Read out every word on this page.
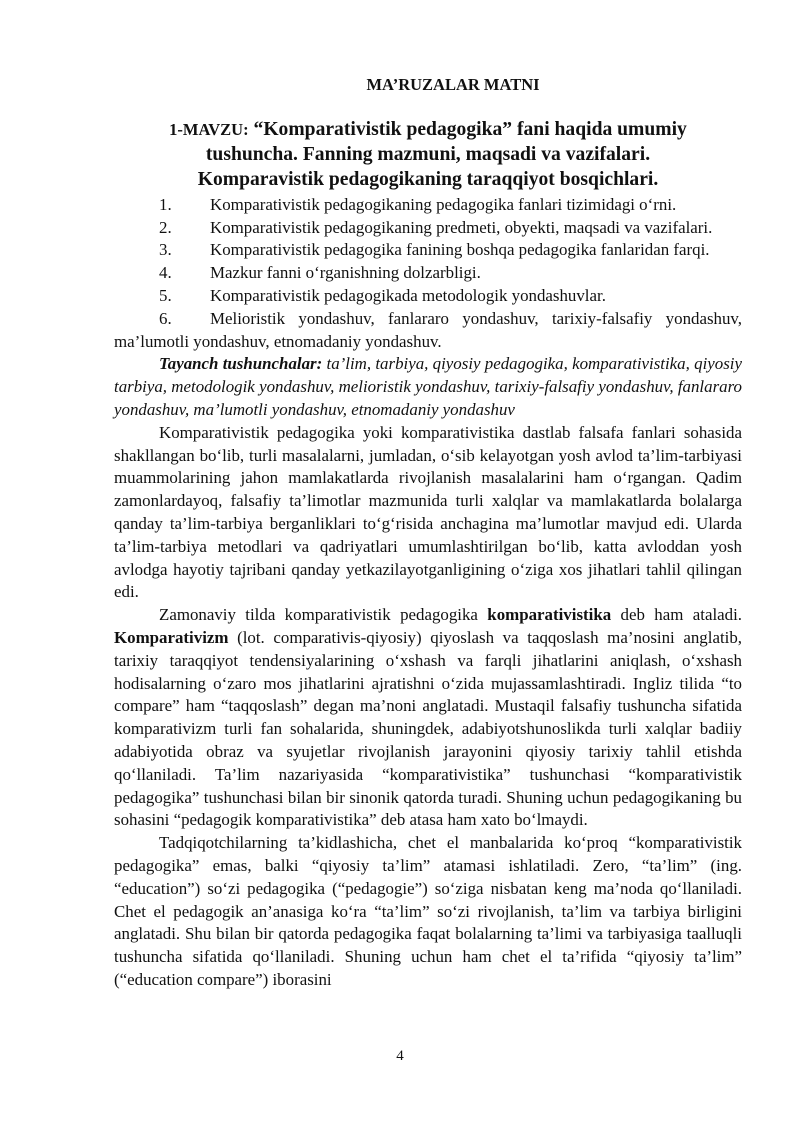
MA’RUZALAR MATNI
1-MAVZU: “Komparativistik pedagogika” fani haqida umumiy
tushuncha. Fanning mazmuni, maqsadi va vazifalari.
Komparavistik pedagogikaning taraqqiyot bosqichlari.
1.	Komparativistik pedagogikaning pedagogika fanlari tizimidagi o‘rni.
2. Komparativistik pedagogikaning predmeti, obyekti, maqsadi va vazifalari.
3. Komparativistik pedagogika fanining boshqa pedagogika fanlaridan farqi.
4.	Mazkur fanni o‘rganishning dolzarbligi.
5.	Komparativistik pedagogikada metodologik yondashuvlar.
6. Melioristik yondashuv, fanlararo yondashuv, tarixiy-falsafiy yondashuv, ma’lumotli yondashuv, etnomadaniy yondashuv.

Tayanch tushunchalar: ta’lim, tarbiya, qiyosiy pedagogika, komparativistika, qiyosiy tarbiya, metodologik yondashuv, melioristik yondashuv, tarixiy-falsafiy yondashuv, fanlararo yondashuv, ma’lumotli yondashuv, etnomadaniy yondashuv

Komparativistik pedagogika yoki komparativistika dastlab falsafa fanlari sohasida shakllangan bo‘lib, turli masalalarni, jumladan, o‘sib kelayotgan yosh avlod ta’lim-tarbiyasi muammolarining jahon mamlakatlarda rivojlanish masalalarini ham o‘rgangan. Qadim zamonlardayoq, falsafiy ta’limotlar mazmunida turli xalqlar va mamlakatlarda bolalarga qanday ta’lim-tarbiya berganliklari to‘g‘risida anchagina ma’lumotlar mavjud edi. Ularda ta’lim-tarbiya metodlari va qadriyatlari umumlashtirilgan bo‘lib, katta avloddan yosh avlodga hayotiy tajribani qanday yetkazilayotganligining o‘ziga xos jihatlari tahlil qilingan edi.

Zamonaviy tilda komparativistik pedagogika komparativistika deb ham ataladi. Komparativizm (lot. comparativis-qiyosiy) qiyoslash va taqqoslash ma’nosini anglatib, tarixiy taraqqiyot tendensiyalarining o‘xshash va farqli jihatlarini aniqlash, o‘xshash hodisalarning o‘zaro mos jihatlarini ajratishni o‘zida mujassamlashtiradi. Ingliz tilida “to compare” ham “taqqoslash” degan ma’noni anglatadi. Mustaqil falsafiy tushuncha sifatida komparativizm turli fan sohalarida, shuningdek, adabiyotshunoslikda turli xalqlar badiiy adabiyotida obraz va syujetlar rivojlanish jarayonini qiyosiy tarixiy tahlil etishda qo‘llaniladi. Ta’lim nazariyasida “komparativistika” tushunchasi “komparativistik pedagogika” tushunchasi bilan bir sinonik qatorda turadi. Shuning uchun pedagogikaning bu sohasini “pedagogik komparativistika” deb atasa ham xato bo‘lmaydi.

Tadqiqotchilarning ta’kidlashicha, chet el manbalarida ko‘proq “komparativistik pedagogika” emas, balki “qiyosiy ta’lim” atamasi ishlatiladi. Zero, “ta’lim” (ing. “education”) so‘zi pedagogika (“pedagogie”) so‘ziga nisbatan keng ma’noda qo‘llaniladi. Chet el pedagogik an’anasiga ko‘ra “ta’lim” so‘zi rivojlanish, ta’lim va tarbiya birligini anglatadi. Shu bilan bir qatorda pedagogika faqat bolalarning ta’limi va tarbiyasiga taalluqli tushuncha sifatida qo‘llaniladi. Shuning uchun ham chet el ta’rifida “qiyosiy ta’lim” (“education compare”) iborasini

4
